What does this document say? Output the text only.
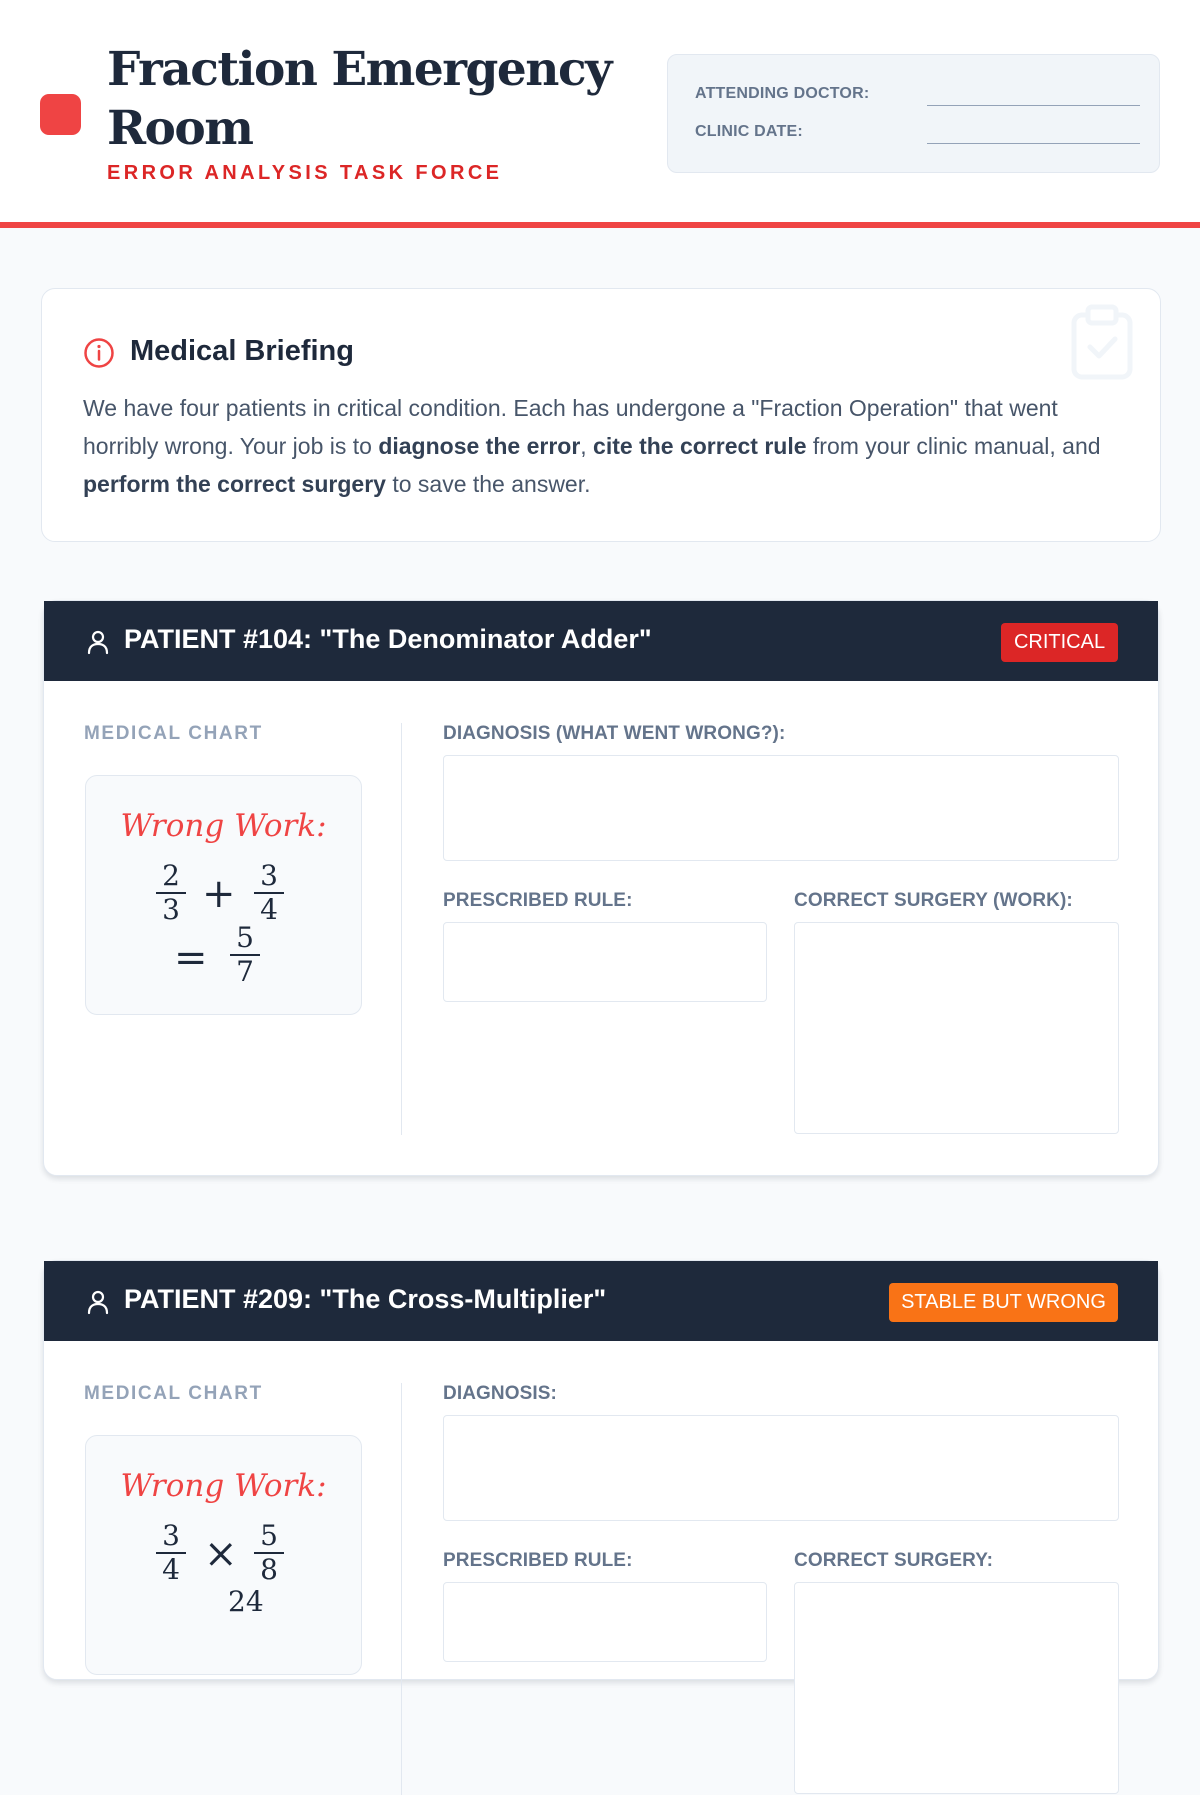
Fraction Emergency Room
ERROR ANALYSIS TASK FORCE
ATTENDING DOCTOR:
CLINIC DATE:
Medical Briefing
We have four patients in critical condition. Each has undergone a "Fraction Operation" that went horribly wrong. Your job is to diagnose the error, cite the correct rule from your clinic manual, and perform the correct surgery to save the answer.
PATIENT #104: "The Denominator Adder"	CRITICAL
MEDICAL CHART
Wrong Work:
2
3 + 3
4
= 5
7
DIAGNOSIS (WHAT WENT WRONG?):
PRESCRIBED RULE:	CORRECT SURGERY (WORK):
PATIENT #209: "The Cross-Multiplier"	STABLE BUT WRONG
MEDICAL CHART
Wrong Work:
3
4 × 5
8
24
DIAGNOSIS:
PRESCRIBED RULE:	CORRECT SURGERY:
